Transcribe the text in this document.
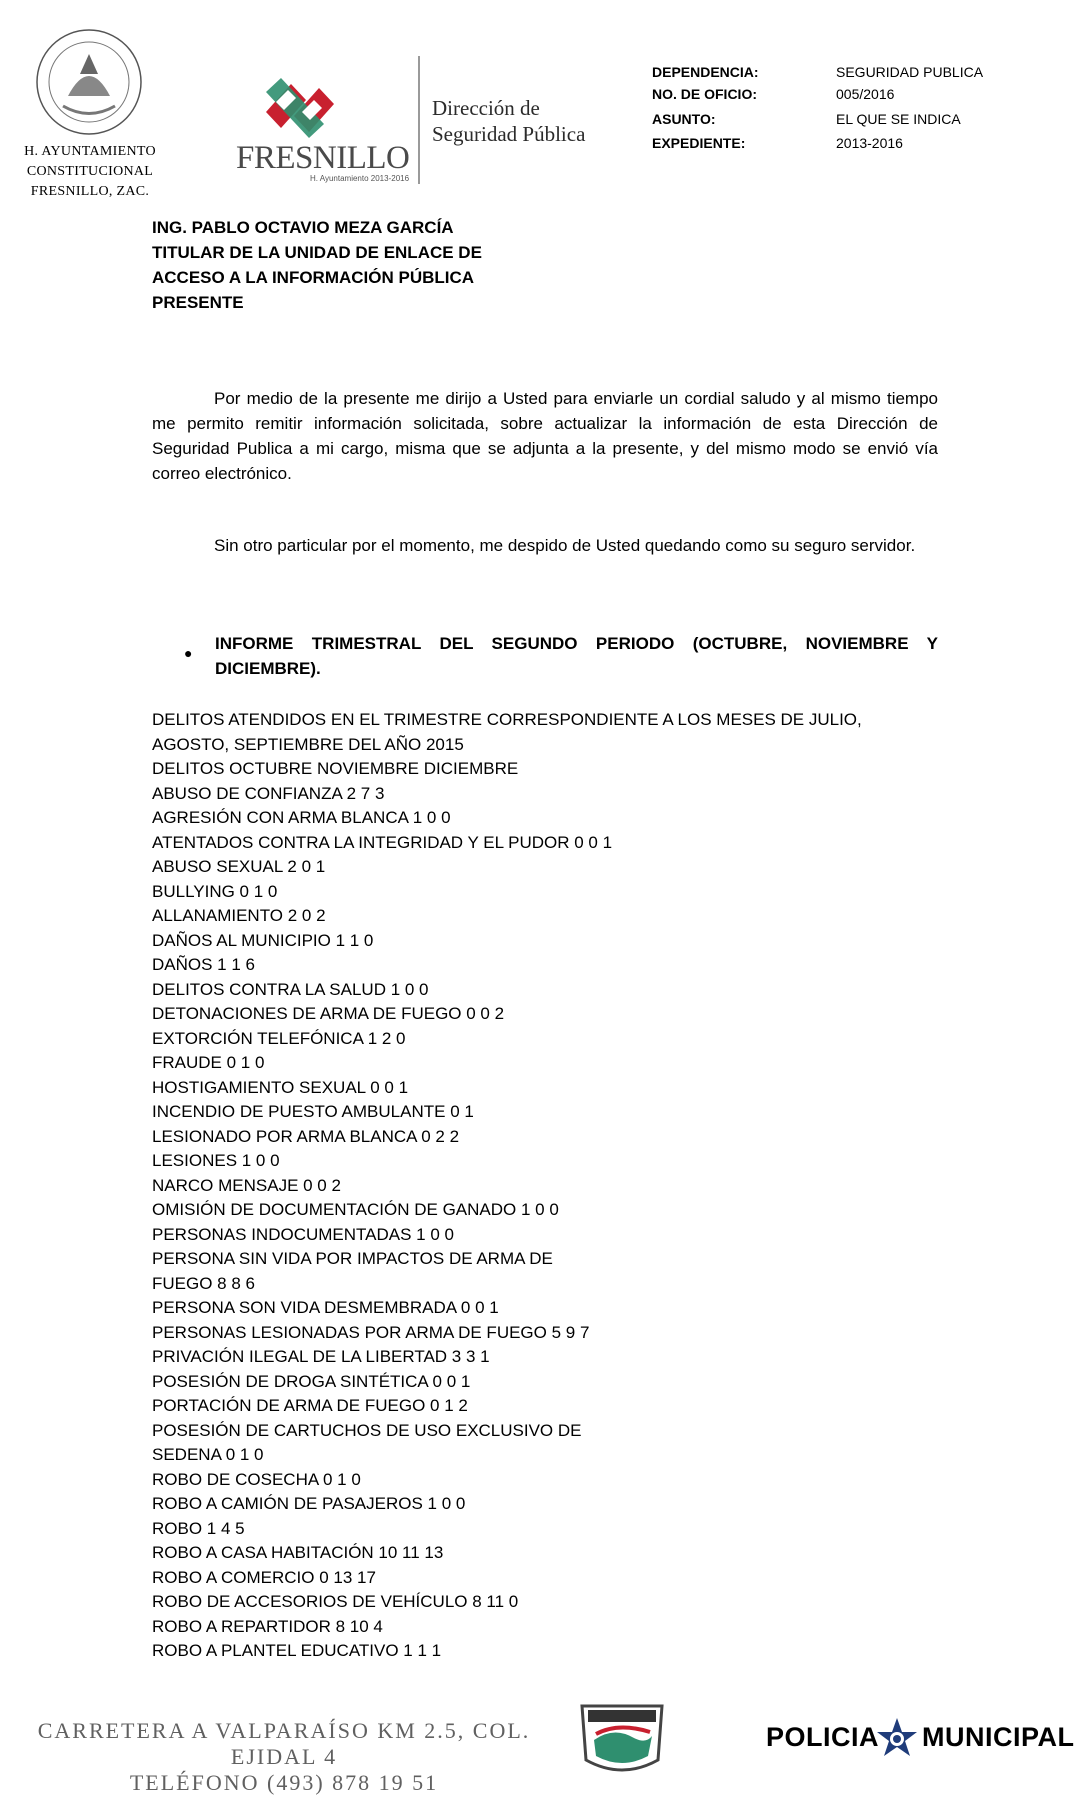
H. AYUNTAMIENTO
CONSTITUCIONAL
FRESNILLO, ZAC.
FRESNILLO
H. Ayuntamiento 2013-2016
Dirección de
Seguridad Pública
DEPENDENCIA:	SEGURIDAD PUBLICA
NO. DE OFICIO:	005/2016
ASUNTO:	EL QUE SE INDICA
EXPEDIENTE:	2013-2016
ING. PABLO OCTAVIO MEZA GARCÍA
TITULAR DE LA UNIDAD DE ENLACE DE
ACCESO A LA INFORMACIÓN PÚBLICA
PRESENTE
Por medio de la presente me dirijo a Usted para enviarle un cordial saludo y al mismo tiempo me permito remitir información solicitada, sobre actualizar la información de esta Dirección de Seguridad Publica a mi cargo, misma que se adjunta a la presente, y del mismo modo se envió vía correo electrónico.
Sin otro particular por el momento, me despido de Usted quedando como su seguro servidor.
● INFORME TRIMESTRAL DEL SEGUNDO PERIODO (OCTUBRE, NOVIEMBRE Y DICIEMBRE).
DELITOS ATENDIDOS EN EL TRIMESTRE CORRESPONDIENTE A LOS MESES DE JULIO,
AGOSTO, SEPTIEMBRE DEL AÑO 2015
DELITOS OCTUBRE NOVIEMBRE DICIEMBRE
ABUSO DE CONFIANZA 2 7 3
AGRESIÓN CON ARMA BLANCA 1 0 0
ATENTADOS CONTRA LA INTEGRIDAD Y EL PUDOR 0 0 1
ABUSO SEXUAL 2 0 1
BULLYING 0 1 0
ALLANAMIENTO 2 0 2
DAÑOS AL MUNICIPIO 1 1 0
DAÑOS 1 1 6
DELITOS CONTRA LA SALUD 1 0 0
DETONACIONES DE ARMA DE FUEGO 0 0 2
EXTORCIÓN TELEFÓNICA 1 2 0
FRAUDE 0 1 0
HOSTIGAMIENTO SEXUAL 0 0 1
INCENDIO DE PUESTO AMBULANTE 0 1
LESIONADO POR ARMA BLANCA 0 2 2
LESIONES 1 0 0
NARCO MENSAJE 0 0 2
OMISIÓN DE DOCUMENTACIÓN DE GANADO 1 0 0
PERSONAS INDOCUMENTADAS 1 0 0
PERSONA SIN VIDA POR IMPACTOS DE ARMA DE
FUEGO 8 8 6
PERSONA SON VIDA DESMEMBRADA 0 0 1
PERSONAS LESIONADAS POR ARMA DE FUEGO 5 9 7
PRIVACIÓN ILEGAL DE LA LIBERTAD 3 3 1
POSESIÓN DE DROGA SINTÉTICA 0 0 1
PORTACIÓN DE ARMA DE FUEGO 0 1 2
POSESIÓN DE CARTUCHOS DE USO EXCLUSIVO DE
SEDENA 0 1 0
ROBO DE COSECHA 0 1 0
ROBO A CAMIÓN DE PASAJEROS 1 0 0
ROBO 1 4 5
ROBO A CASA HABITACIÓN 10 11 13
ROBO A COMERCIO 0 13 17
ROBO DE ACCESORIOS DE VEHÍCULO 8 11 0
ROBO A REPARTIDOR 8 10 4
ROBO A PLANTEL EDUCATIVO 1 1 1
CARRETERA A VALPARAÍSO KM 2.5, COL. EJIDAL 4
TELÉFONO (493) 878 19 51
POLICIA MUNICIPAL
